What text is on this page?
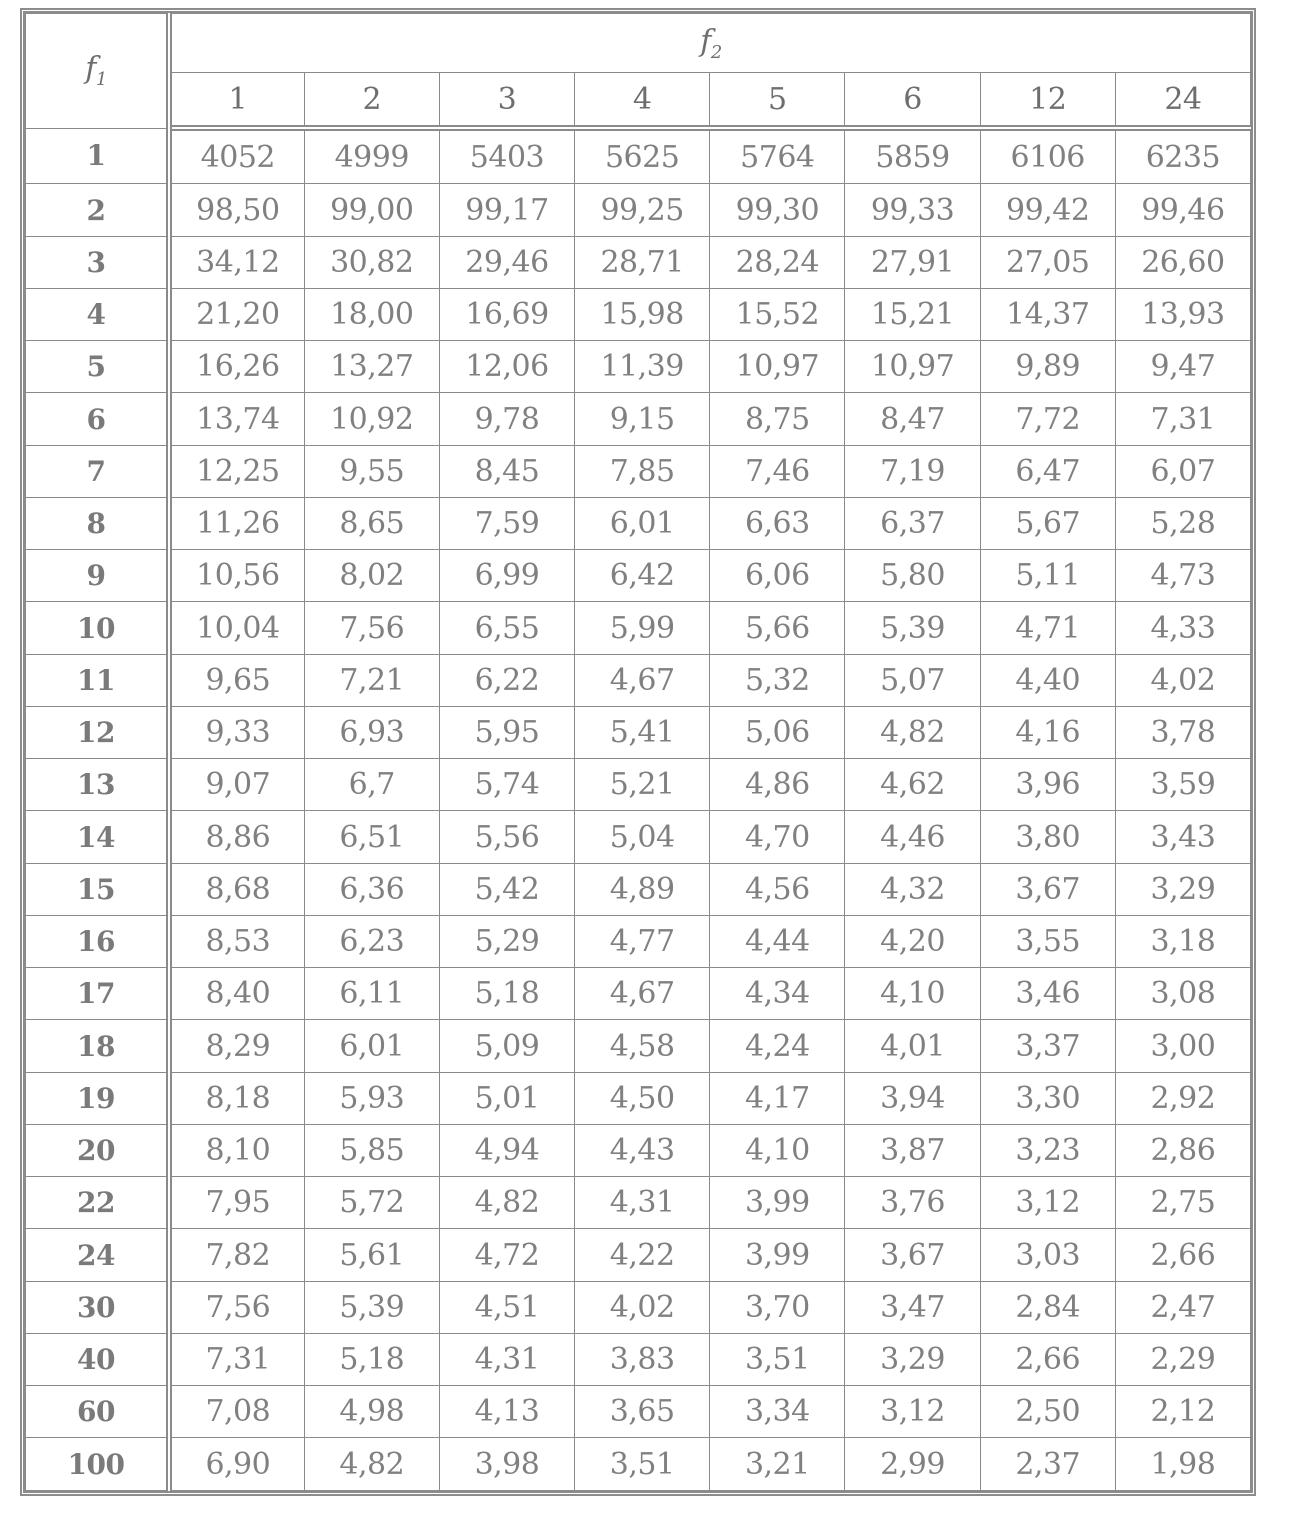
$f_1$	$f_2$
	1	2	3	4	5	6	12	24
1	4052	4999	5403	5625	5764	5859	6106	6235
2	98,50	99,00	99,17	99,25	99,30	99,33	99,42	99,46
3	34,12	30,82	29,46	28,71	28,24	27,91	27,05	26,60
4	21,20	18,00	16,69	15,98	15,52	15,21	14,37	13,93
5	16,26	13,27	12,06	11,39	10,97	10,97	9,89	9,47
6	13,74	10,92	9,78	9,15	8,75	8,47	7,72	7,31
7	12,25	9,55	8,45	7,85	7,46	7,19	6,47	6,07
8	11,26	8,65	7,59	6,01	6,63	6,37	5,67	5,28
9	10,56	8,02	6,99	6,42	6,06	5,80	5,11	4,73
10	10,04	7,56	6,55	5,99	5,66	5,39	4,71	4,33
11	9,65	7,21	6,22	4,67	5,32	5,07	4,40	4,02
12	9,33	6,93	5,95	5,41	5,06	4,82	4,16	3,78
13	9,07	6,7	5,74	5,21	4,86	4,62	3,96	3,59
14	8,86	6,51	5,56	5,04	4,70	4,46	3,80	3,43
15	8,68	6,36	5,42	4,89	4,56	4,32	3,67	3,29
16	8,53	6,23	5,29	4,77	4,44	4,20	3,55	3,18
17	8,40	6,11	5,18	4,67	4,34	4,10	3,46	3,08
18	8,29	6,01	5,09	4,58	4,24	4,01	3,37	3,00
19	8,18	5,93	5,01	4,50	4,17	3,94	3,30	2,92
20	8,10	5,85	4,94	4,43	4,10	3,87	3,23	2,86
22	7,95	5,72	4,82	4,31	3,99	3,76	3,12	2,75
24	7,82	5,61	4,72	4,22	3,99	3,67	3,03	2,66
30	7,56	5,39	4,51	4,02	3,70	3,47	2,84	2,47
40	7,31	5,18	4,31	3,83	3,51	3,29	2,66	2,29
60	7,08	4,98	4,13	3,65	3,34	3,12	2,50	2,12
100	6,90	4,82	3,98	3,51	3,21	2,99	2,37	1,98
